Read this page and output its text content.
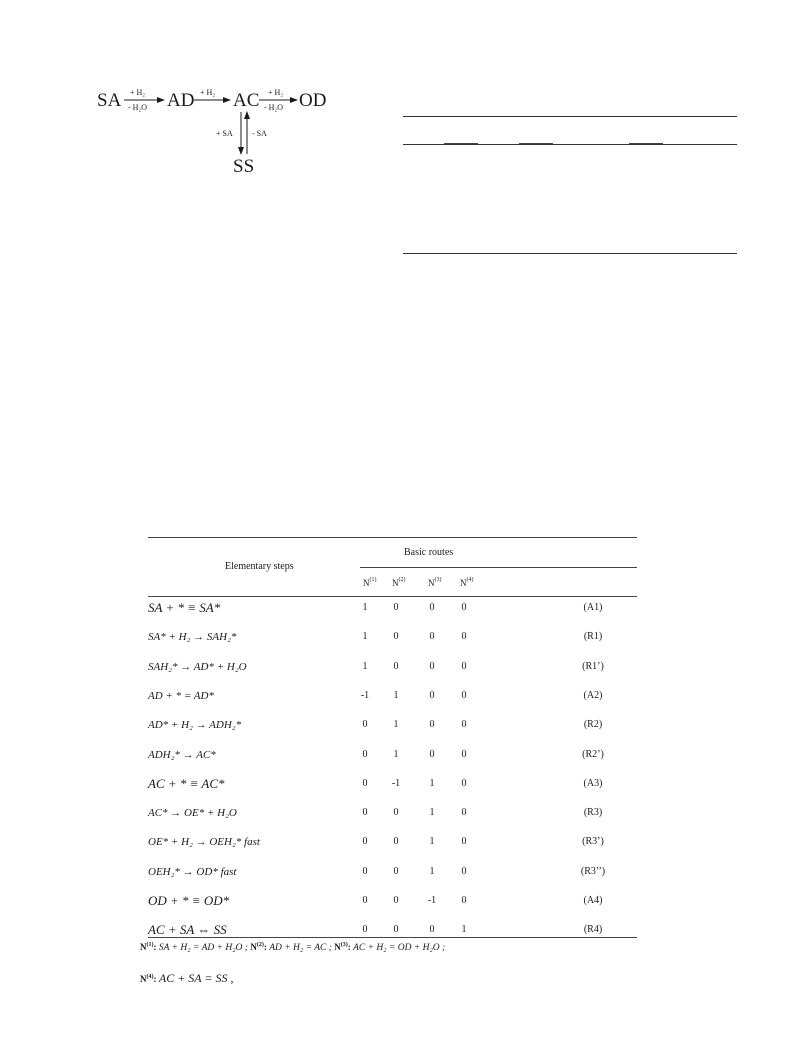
SA AD AC OD
SS
+ H₂
- H₂O
+ H₂	+ H₂
- H₂O
+ SA - SA
Elementary steps
Basic routes
$N^{(1)}$ $N^{(2)}$	$N^{(3)}$ $N^{(4)}$
SA + * ≡ SA*	1	0	0	0	(A1)
SA* + H₂ → SAH₂*	1	0	0	0	(R1)
SAH₂* → AD* + H₂O	1	0	0	0	(R1’)
AD + * = AD*	-1	1	0	0	(A2)
AD* + H₂ → ADH₂*	0	1	0	0	(R2)
ADH₂* → AC*	0	1	0	0	(R2’)
AC + * ≡ AC*	0	-1	1	0	(A3)
AC* → OE* + H₂O	0	0	1	0	(R3)
OE* + H₂ → OEH₂* fast	0	0	1	0	(R3’)
OEH₂* → OD* fast	0	0	1	0	(R3’’)
OD + * ≡ OD*	0	0	-1	0	(A4)
AC + SA ⇔ SS	0	0	0	1	(R4)
$N^{(1)}$: SA + H₂ = AD + H₂O ; $N^{(2)}$: AD + H₂ = AC ; $N^{(3)}$: AC + H₂ = OD + H₂O ;
$N^{(4)}$: AC + SA = SS ,
